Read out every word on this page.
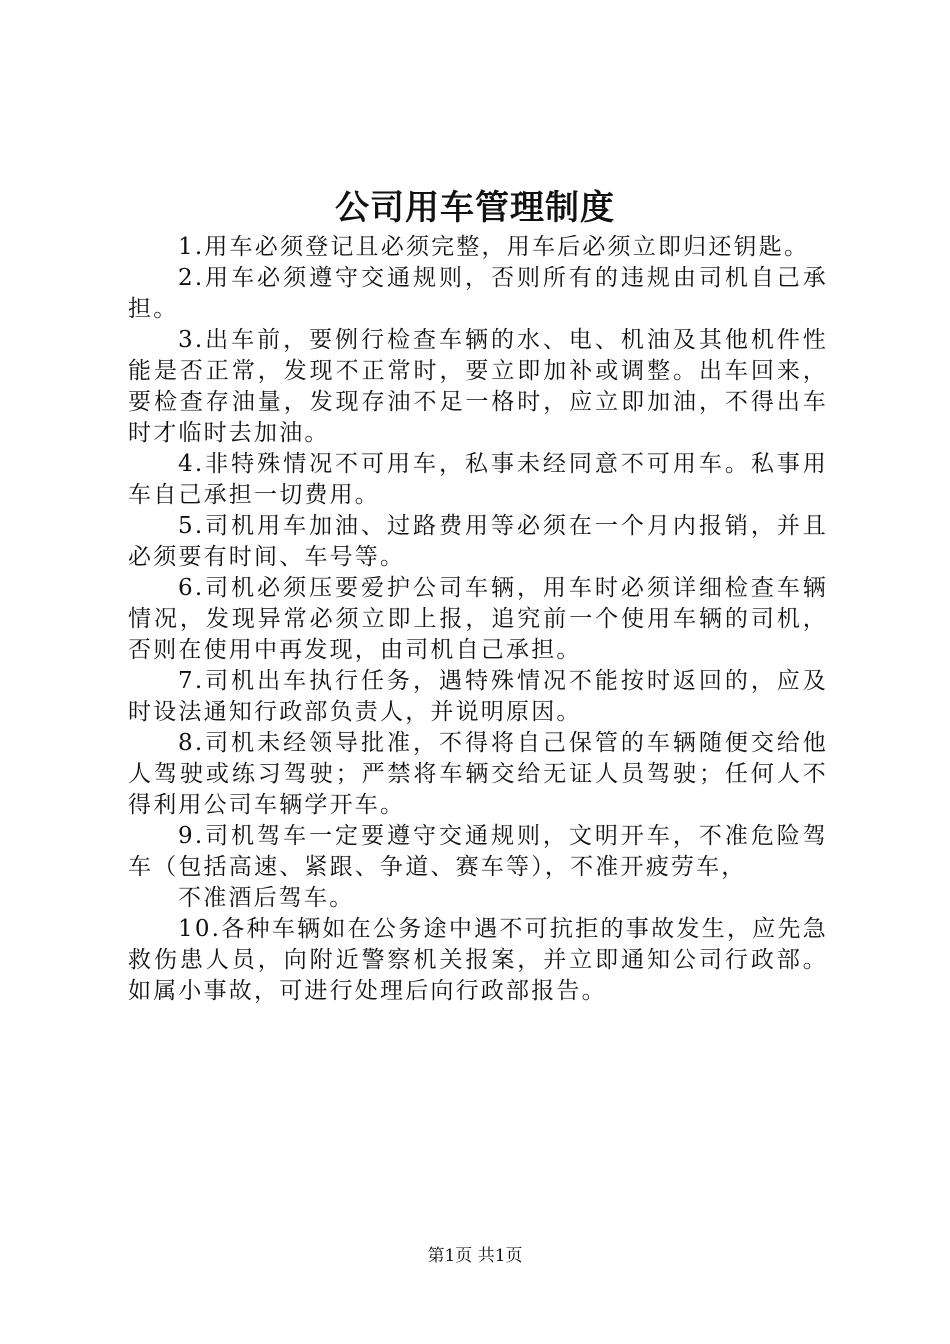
公司用车管理制度

1.用车必须登记且必须完整，用车后必须立即归还钥匙。

2.用车必须遵守交通规则，否则所有的违规由司机自己承担。

3.出车前，要例行检查车辆的水、电、机油及其他机件性能是否正常，发现不正常时，要立即加补或调整。出车回来，要检查存油量，发现存油不足一格时，应立即加油，不得出车时才临时去加油。

4.非特殊情况不可用车，私事未经同意不可用车。私事用车自己承担一切费用。

5.司机用车加油、过路费用等必须在一个月内报销，并且必须要有时间、车号等。

6.司机必须压要爱护公司车辆，用车时必须详细检查车辆情况，发现异常必须立即上报，追究前一个使用车辆的司机，否则在使用中再发现，由司机自己承担。

7.司机出车执行任务，遇特殊情况不能按时返回的，应及时设法通知行政部负责人，并说明原因。

8.司机未经领导批准，不得将自己保管的车辆随便交给他人驾驶或练习驾驶；严禁将车辆交给无证人员驾驶；任何人不得利用公司车辆学开车。

9.司机驾车一定要遵守交通规则，文明开车，不准危险驾车（包括高速、紧跟、争道、赛车等），不准开疲劳车，

不准酒后驾车。

10.各种车辆如在公务途中遇不可抗拒的事故发生，应先急救伤患人员，向附近警察机关报案，并立即通知公司行政部。如属小事故，可进行处理后向行政部报告。

第1页 共1页
